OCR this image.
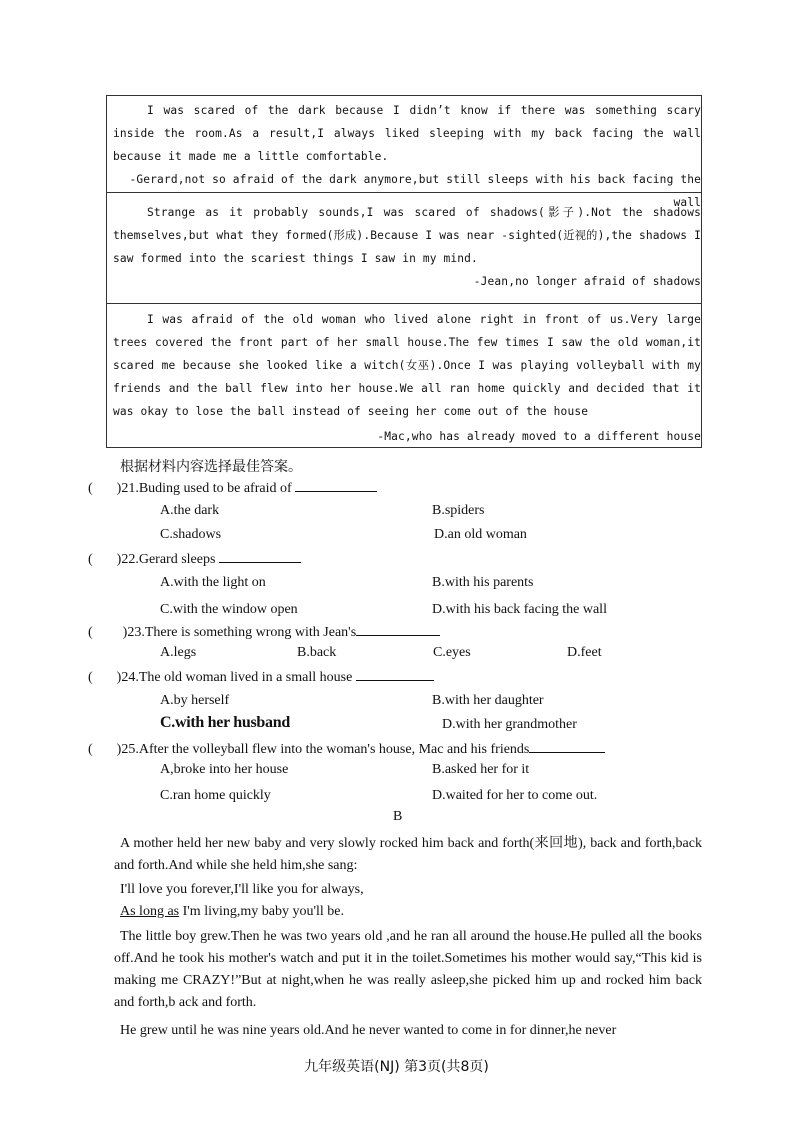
I was scared of the dark because I didn’t know if there was something scary inside the room.As a result,I always liked sleeping with my back facing the wall because it made me a little comfortable.

-Gerard,not so afraid of the dark anymore,but still sleeps with his back facing the wall

Strange as it probably sounds,I was scared of shadows(影子).Not the shadows themselves,but what they formed(形成).Because I was near -sighted(近视的),the shadows I saw formed into the scariest things I saw in my mind.

-Jean,no longer afraid of shadows

I was afraid of the old woman who lived alone right in front of us.Very large trees covered the front part of her small house.The few times I saw the old woman,it scared me because she looked like a witch(女巫).Once I was playing volleyball with my friends and the ball flew into her house.We all ran home quickly and decided that it was okay to lose the ball instead of seeing her come out of the house

-Mac,who has already moved to a different house

根据材料内容选择最佳答案。
( )21.Buding used to be afraid of
A.the dark	B.spiders
C.shadows	D.an old woman
( )22.Gerard sleeps
A.with the light on	B.with his parents
C.with the window open	D.with his back facing the wall
( )23.There is something wrong with Jean's
A.legs	B.back	C.eyes	D.feet
( )24.The old woman lived in a small house
A.by herself	B.with her daughter
C.with her husband	D.with her grandmother
( )25.After the volleyball flew into the woman's house, Mac and his friends
A,broke into her house	B.asked her for it
C.ran home quickly	D.waited for her to come out.
B

A mother held her new baby and very slowly rocked him back and forth(来回地), back and forth,back and forth.And while she held him,she sang:

I'll love you forever,I'll like you for always,

As long as I'm living,my baby you'll be.

The little boy grew.Then he was two years old ,and he ran all around the house.He pulled all the books off.And he took his mother's watch and put it in the toilet.Sometimes his mother would say,“This kid is making me CRAZY!”But at night,when he was really asleep,she picked him up and rocked him back and forth,b ack and forth.

He grew until he was nine years old.And he never wanted to come in for dinner,he never

九年级英语(NJ) 第3页(共8页)
